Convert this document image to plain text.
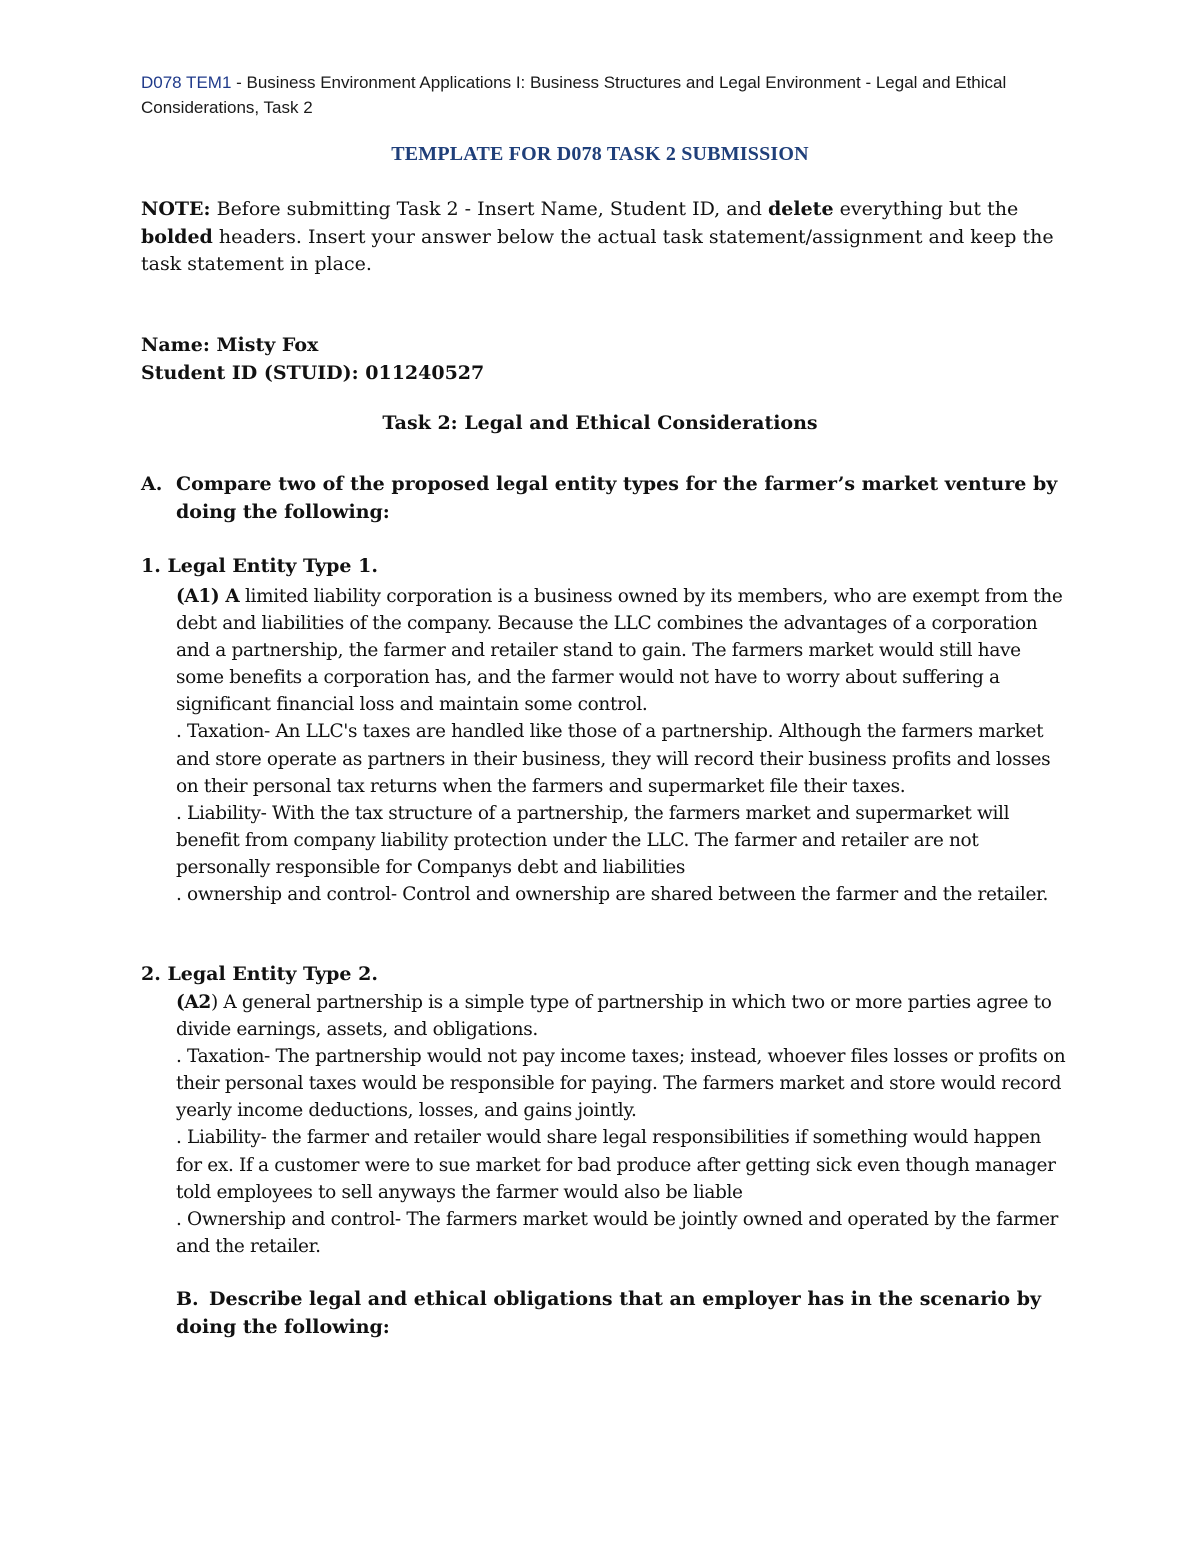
D078 TEM1 - Business Environment Applications I: Business Structures and Legal Environment - Legal and Ethical Considerations, Task 2
TEMPLATE FOR D078 TASK 2 SUBMISSION
NOTE: Before submitting Task 2 - Insert Name, Student ID, and delete everything but the bolded headers. Insert your answer below the actual task statement/assignment and keep the task statement in place.
Name: Misty Fox
Student ID (STUID): 011240527
Task 2: Legal and Ethical Considerations
A. Compare two of the proposed legal entity types for the farmer’s market venture by doing the following:
1. Legal Entity Type 1.

(A1) A limited liability corporation is a business owned by its members, who are exempt from the debt and liabilities of the company. Because the LLC combines the advantages of a corporation and a partnership, the farmer and retailer stand to gain. The farmers market would still have some benefits a corporation has, and the farmer would not have to worry about suffering a significant financial loss and maintain some control.

. Taxation- An LLC's taxes are handled like those of a partnership. Although the farmers market and store operate as partners in their business, they will record their business profits and losses on their personal tax returns when the farmers and supermarket file their taxes.

. Liability- With the tax structure of a partnership, the farmers market and supermarket will benefit from company liability protection under the LLC. The farmer and retailer are not personally responsible for Companys debt and liabilities

. ownership and control- Control and ownership are shared between the farmer and the retailer.

2. Legal Entity Type 2.

(A2) A general partnership is a simple type of partnership in which two or more parties agree to divide earnings, assets, and obligations.

. Taxation- The partnership would not pay income taxes; instead, whoever files losses or profits on their personal taxes would be responsible for paying. The farmers market and store would record yearly income deductions, losses, and gains jointly.

. Liability- the farmer and retailer would share legal responsibilities if something would happen for ex. If a customer were to sue market for bad produce after getting sick even though manager told employees to sell anyways the farmer would also be liable

. Ownership and control- The farmers market would be jointly owned and operated by the farmer and the retailer.

B. Describe legal and ethical obligations that an employer has in the scenario by doing the following:
